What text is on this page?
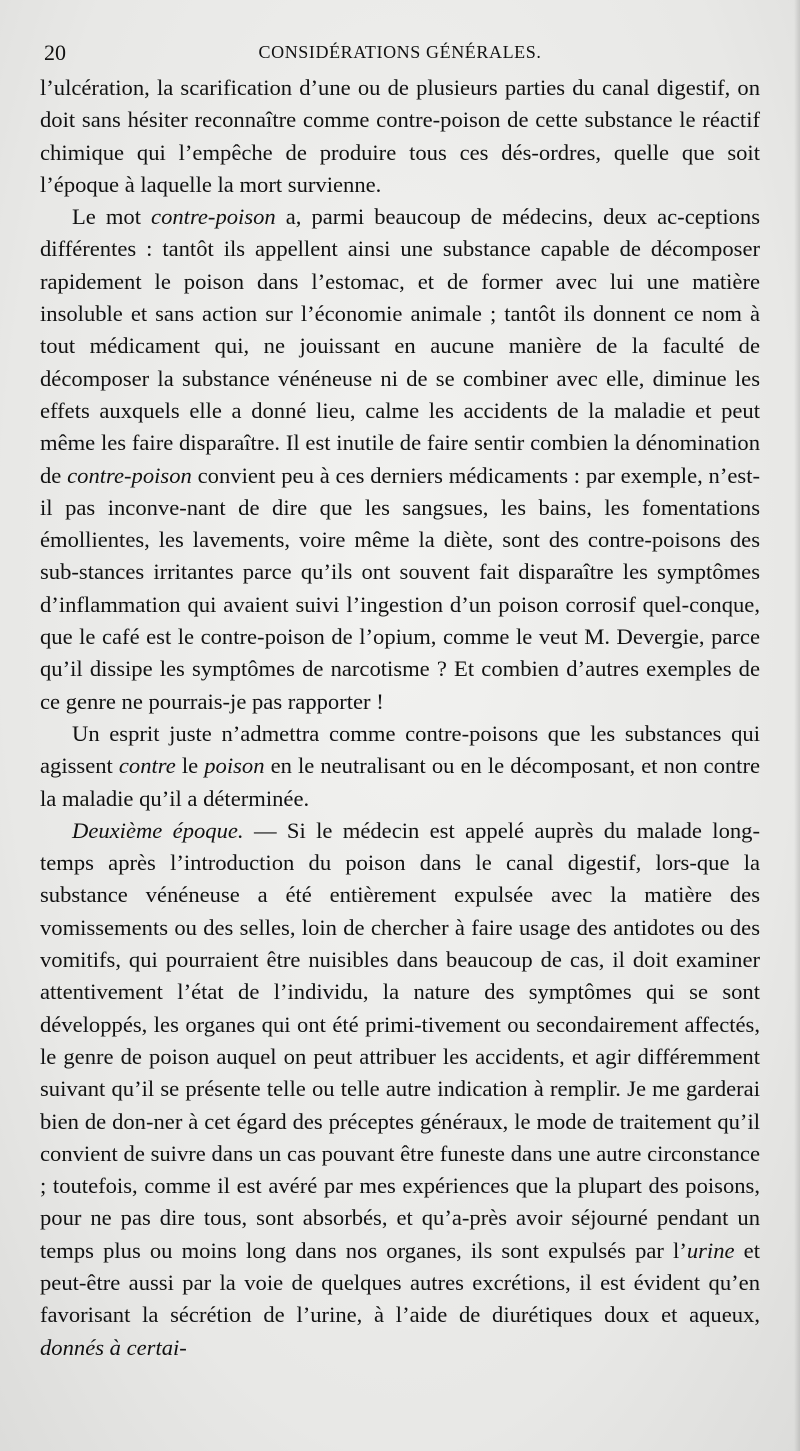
20	CONSIDÉRATIONS GÉNÉRALES.

l’ulcération, la scarification d’une ou de plusieurs parties du canal digestif, on doit sans hésiter reconnaître comme contre-poison de cette substance le réactif chimique qui l’empêche de produire tous ces dés-ordres, quelle que soit l’époque à laquelle la mort survienne.

Le mot contre-poison a, parmi beaucoup de médecins, deux ac-ceptions différentes : tantôt ils appellent ainsi une substance capable de décomposer rapidement le poison dans l’estomac, et de former avec lui une matière insoluble et sans action sur l’économie animale ; tantôt ils donnent ce nom à tout médicament qui, ne jouissant en aucune manière de la faculté de décomposer la substance vénéneuse ni de se combiner avec elle, diminue les effets auxquels elle a donné lieu, calme les accidents de la maladie et peut même les faire disparaître. Il est inutile de faire sentir combien la dénomination de contre-poison convient peu à ces derniers médicaments : par exemple, n’est-il pas inconve-nant de dire que les sangsues, les bains, les fomentations émollientes, les lavements, voire même la diète, sont des contre-poisons des sub-stances irritantes parce qu’ils ont souvent fait disparaître les symptômes d’inflammation qui avaient suivi l’ingestion d’un poison corrosif quel-conque, que le café est le contre-poison de l’opium, comme le veut M. Devergie, parce qu’il dissipe les symptômes de narcotisme ? Et combien d’autres exemples de ce genre ne pourrais-je pas rapporter !

Un esprit juste n’admettra comme contre-poisons que les substances qui agissent contre le poison en le neutralisant ou en le décomposant, et non contre la maladie qu’il a déterminée.

Deuxième époque. — Si le médecin est appelé auprès du malade long-temps après l’introduction du poison dans le canal digestif, lors-que la substance vénéneuse a été entièrement expulsée avec la matière des vomissements ou des selles, loin de chercher à faire usage des antidotes ou des vomitifs, qui pourraient être nuisibles dans beaucoup de cas, il doit examiner attentivement l’état de l’individu, la nature des symptômes qui se sont développés, les organes qui ont été primi-tivement ou secondairement affectés, le genre de poison auquel on peut attribuer les accidents, et agir différemment suivant qu’il se présente telle ou telle autre indication à remplir. Je me garderai bien de don-ner à cet égard des préceptes généraux, le mode de traitement qu’il convient de suivre dans un cas pouvant être funeste dans une autre circonstance ; toutefois, comme il est avéré par mes expériences que la plupart des poisons, pour ne pas dire tous, sont absorbés, et qu’a-près avoir séjourné pendant un temps plus ou moins long dans nos organes, ils sont expulsés par l’urine et peut-être aussi par la voie de quelques autres excrétions, il est évident qu’en favorisant la sécrétion de l’urine, à l’aide de diurétiques doux et aqueux, donnés à certai-
